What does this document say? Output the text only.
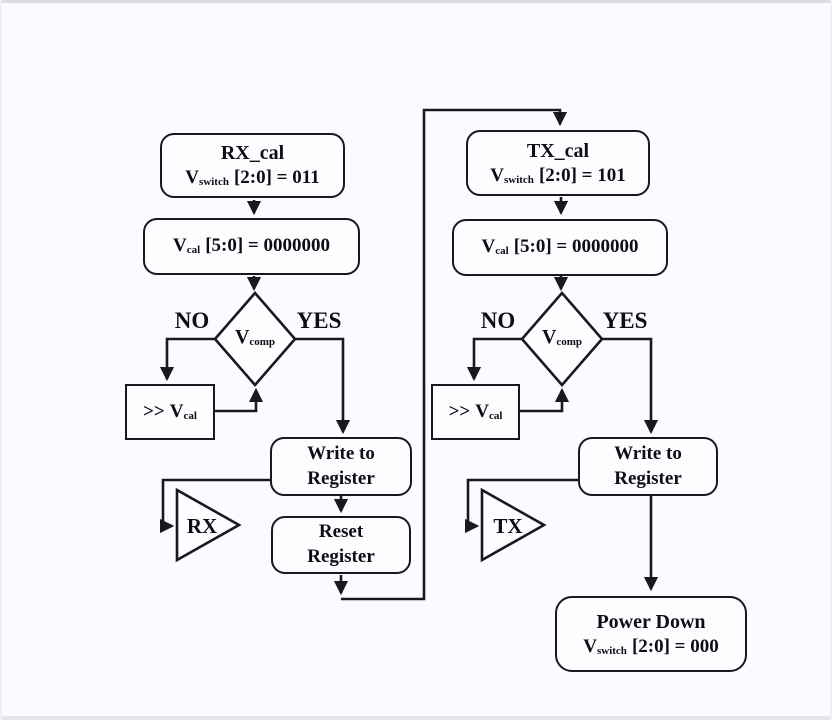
RX_cal
Vswitch [2:0] = 011
Vcal [5:0] = 0000000
Vcomp
NO	YES
>> Vcal
Write to
Register
Reset
Register
RX
TX_cal
Vswitch [2:0] = 101
Vcal [5:0] = 0000000
Vcomp
NO	YES
>> Vcal
Write to
Register
TX
Power Down
Vswitch [2:0] = 000
